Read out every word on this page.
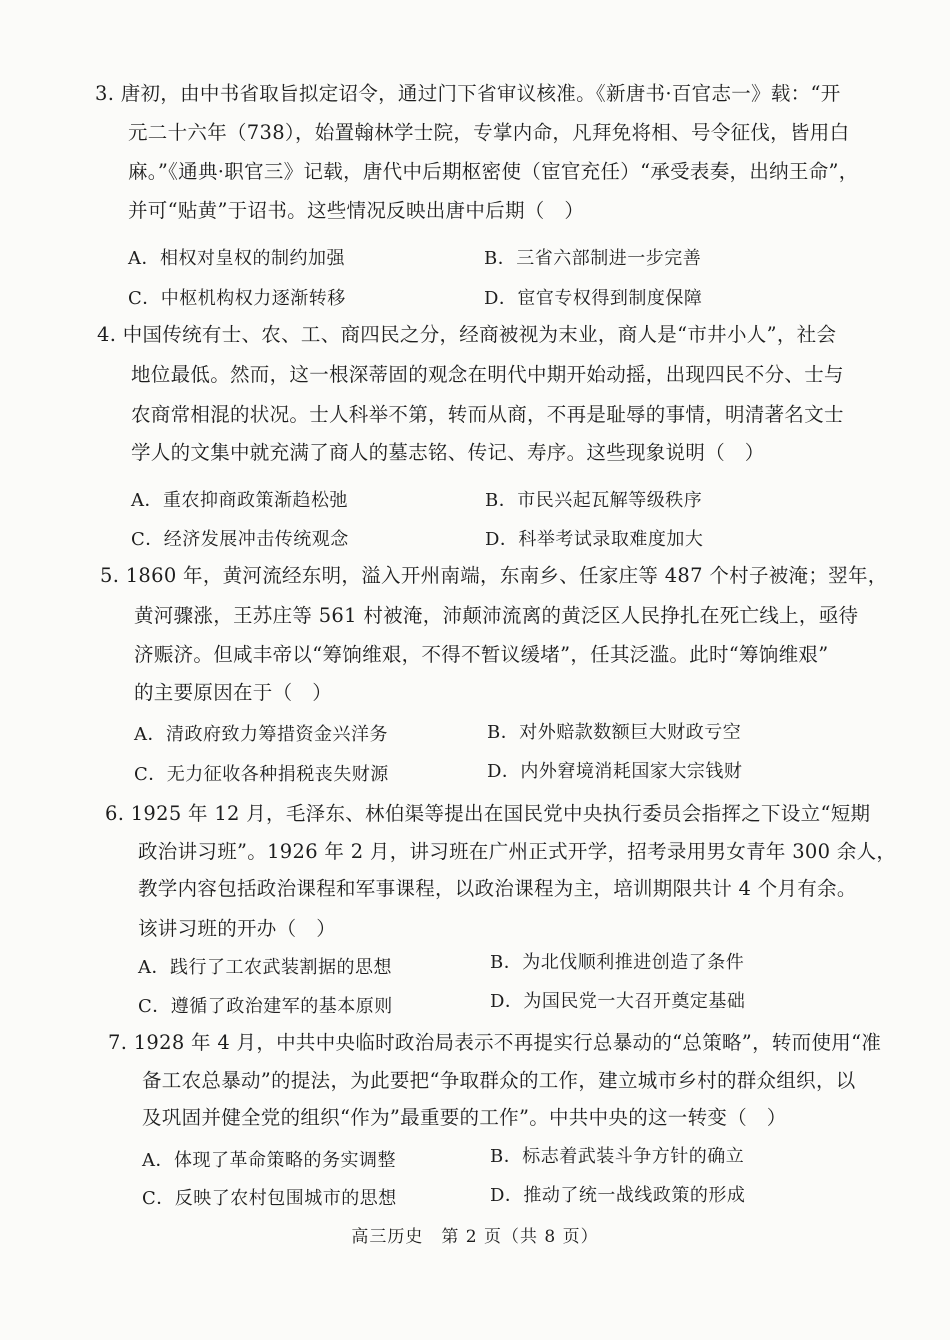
3. 唐初，由中书省取旨拟定诏令，通过门下省审议核准。《新唐书·百官志一》载：“开
元二十六年（738），始置翰林学士院，专掌内命，凡拜免将相、号令征伐，皆用白
麻。”《通典·职官三》记载，唐代中后期枢密使（宦官充任）“承受表奏，出纳王命”，
并可“贴黄”于诏书。这些情况反映出唐中后期（　）
A．相权对皇权的制约加强	B．三省六部制进一步完善
C．中枢机构权力逐渐转移	D．宦官专权得到制度保障
4. 中国传统有士、农、工、商四民之分，经商被视为末业，商人是“市井小人”，社会
地位最低。然而，这一根深蒂固的观念在明代中期开始动摇，出现四民不分、士与
农商常相混的状况。士人科举不第，转而从商，不再是耻辱的事情，明清著名文士
学人的文集中就充满了商人的墓志铭、传记、寿序。这些现象说明（　）
A．重农抑商政策渐趋松弛	B．市民兴起瓦解等级秩序
C．经济发展冲击传统观念	D．科举考试录取难度加大
5. 1860 年，黄河流经东明，溢入开州南端，东南乡、任家庄等 487 个村子被淹；翌年，
黄河骤涨，王苏庄等 561 村被淹，沛颠沛流离的黄泛区人民挣扎在死亡线上，亟待
济赈济。但咸丰帝以“筹饷维艰，不得不暂议缓堵”，任其泛滥。此时“筹饷维艰”
的主要原因在于（　）
A．清政府致力筹措资金兴洋务	B．对外赔款数额巨大财政亏空
C．无力征收各种捐税丧失财源	D．内外窘境消耗国家大宗钱财
6. 1925 年 12 月，毛泽东、林伯渠等提出在国民党中央执行委员会指挥之下设立“短期
政治讲习班”。1926 年 2 月，讲习班在广州正式开学，招考录用男女青年 300 余人，
教学内容包括政治课程和军事课程，以政治课程为主，培训期限共计 4 个月有余。
该讲习班的开办（　）
A．践行了工农武装割据的思想	B．为北伐顺利推进创造了条件
C．遵循了政治建军的基本原则	D．为国民党一大召开奠定基础
7. 1928 年 4 月，中共中央临时政治局表示不再提实行总暴动的“总策略”，转而使用“准
备工农总暴动”的提法，为此要把“争取群众的工作，建立城市乡村的群众组织，以
及巩固并健全党的组织“作为”最重要的工作”。中共中央的这一转变（　）
A．体现了革命策略的务实调整	B．标志着武装斗争方针的确立
C．反映了农村包围城市的思想	D．推动了统一战线政策的形成
高三历史　第 2 页（共 8 页）
